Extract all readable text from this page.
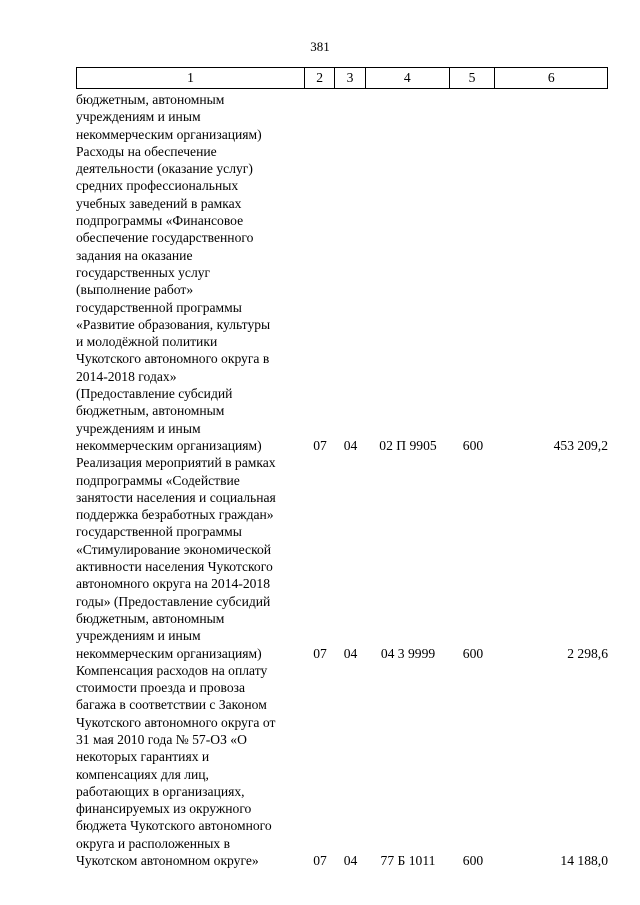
381
1	2	3	4	5	6
бюджетным, автономным
учреждениям и иным
некоммерческим организациям)
Расходы на обеспечение
деятельности (оказание услуг)
средних профессиональных
учебных заведений в рамках
подпрограммы «Финансовое
обеспечение государственного
задания на оказание
государственных услуг
(выполнение работ»
государственной программы
«Развитие образования, культуры
и молодёжной политики
Чукотского автономного округа в
2014-2018 годах»
(Предоставление субсидий
бюджетным, автономным
учреждениям и иным
некоммерческим организациям)	07	04	02 П 9905	600	453 209,2
Реализация мероприятий в рамках
подпрограммы «Содействие
занятости населения и социальная
поддержка безработных граждан»
государственной программы
«Стимулирование экономической
активности населения Чукотского
автономного округа на 2014-2018
годы» (Предоставление субсидий
бюджетным, автономным
учреждениям и иным
некоммерческим организациям)	07	04	04 3 9999	600	2 298,6
Компенсация расходов на оплату
стоимости проезда и провоза
багажа в соответствии с Законом
Чукотского автономного округа от
31 мая 2010 года № 57-ОЗ «О
некоторых гарантиях и
компенсациях для лиц,
работающих в организациях,
финансируемых из окружного
бюджета Чукотского автономного
округа и расположенных в
Чукотском автономном округе»	07	04	77 Б 1011	600	14 188,0
